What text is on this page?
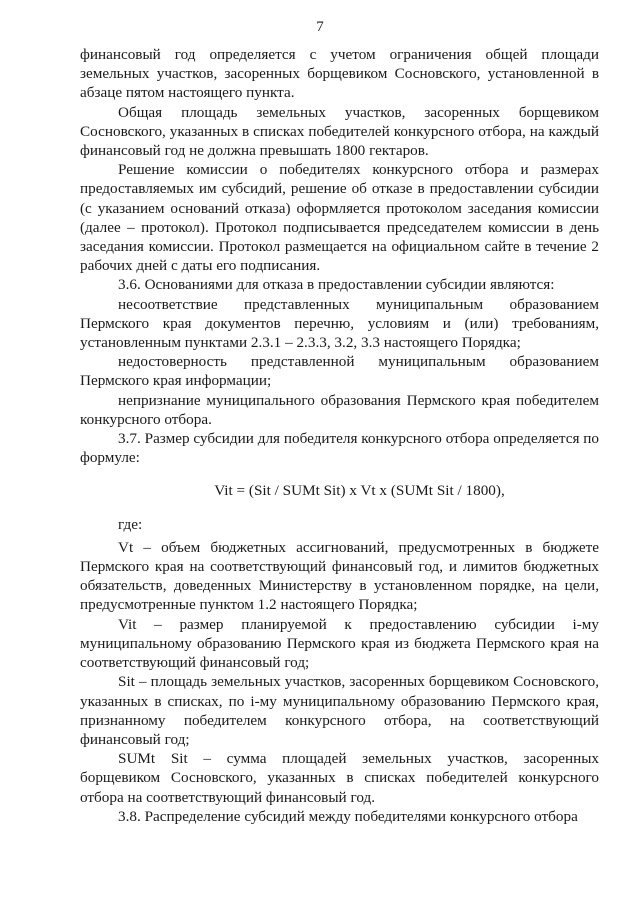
7

финансовый год определяется с учетом ограничения общей площади земельных участков, засоренных борщевиком Сосновского, установленной в абзаце пятом настоящего пункта.

Общая площадь земельных участков, засоренных борщевиком Сосновского, указанных в списках победителей конкурсного отбора, на каждый финансовый год не должна превышать 1800 гектаров.

Решение комиссии о победителях конкурсного отбора и размерах предоставляемых им субсидий, решение об отказе в предоставлении субсидии (с указанием оснований отказа) оформляется протоколом заседания комиссии (далее – протокол). Протокол подписывается председателем комиссии в день заседания комиссии. Протокол размещается на официальном сайте в течение 2 рабочих дней с даты его подписания.

3.6. Основаниями для отказа в предоставлении субсидии являются:

несоответствие представленных муниципальным образованием Пермского края документов перечню, условиям и (или) требованиям, установленным пунктами 2.3.1 – 2.3.3, 3.2, 3.3 настоящего Порядка;

недостоверность представленной муниципальным образованием Пермского края информации;

непризнание муниципального образования Пермского края победителем конкурсного отбора.

3.7. Размер субсидии для победителя конкурсного отбора определяется по формуле:

Vit = (Sit / SUMt Sit) x Vt x (SUMt Sit / 1800),

где:

Vt – объем бюджетных ассигнований, предусмотренных в бюджете Пермского края на соответствующий финансовый год, и лимитов бюджетных обязательств, доведенных Министерству в установленном порядке, на цели, предусмотренные пунктом 1.2 настоящего Порядка;

Vit – размер планируемой к предоставлению субсидии i-му муниципальному образованию Пермского края из бюджета Пермского края на соответствующий финансовый год;

Sit – площадь земельных участков, засоренных борщевиком Сосновского, указанных в списках, по i-му муниципальному образованию Пермского края, признанному победителем конкурсного отбора, на соответствующий финансовый год;

SUMt Sit – сумма площадей земельных участков, засоренных борщевиком Сосновского, указанных в списках победителей конкурсного отбора на соответствующий финансовый год.

3.8. Распределение субсидий между победителями конкурсного отбора
